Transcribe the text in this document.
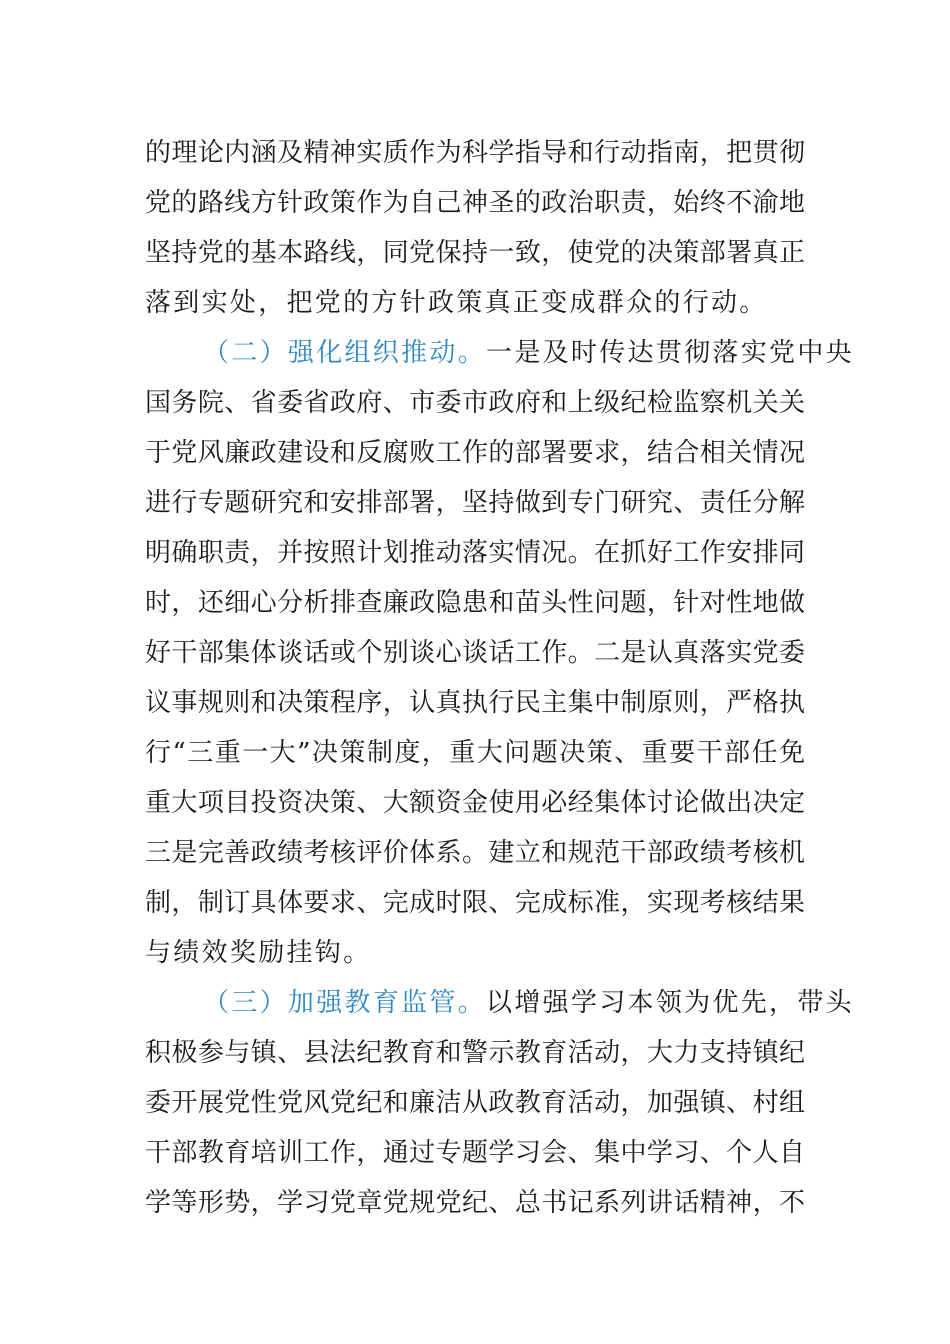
的理论内涵及精神实质作为科学指导和行动指南，把贯彻
党的路线方针政策作为自己神圣的政治职责，始终不渝地
坚持党的基本路线，同党保持一致，使党的决策部署真正
落到实处，把党的方针政策真正变成群众的行动。
（二）强化组织推动。一是及时传达贯彻落实党中央
国务院、省委省政府、市委市政府和上级纪检监察机关关
于党风廉政建设和反腐败工作的部署要求，结合相关情况
进行专题研究和安排部署，坚持做到专门研究、责任分解
明确职责，并按照计划推动落实情况。在抓好工作安排同
时，还细心分析排查廉政隐患和苗头性问题，针对性地做
好干部集体谈话或个别谈心谈话工作。二是认真落实党委
议事规则和决策程序，认真执行民主集中制原则，严格执
行“三重一大”决策制度，重大问题决策、重要干部任免
重大项目投资决策、大额资金使用必经集体讨论做出决定
三是完善政绩考核评价体系。建立和规范干部政绩考核机
制，制订具体要求、完成时限、完成标准，实现考核结果
与绩效奖励挂钩。
（三）加强教育监管。以增强学习本领为优先，带头
积极参与镇、县法纪教育和警示教育活动，大力支持镇纪
委开展党性党风党纪和廉洁从政教育活动，加强镇、村组
干部教育培训工作，通过专题学习会、集中学习、个人自
学等形势，学习党章党规党纪、总书记系列讲话精神，不
